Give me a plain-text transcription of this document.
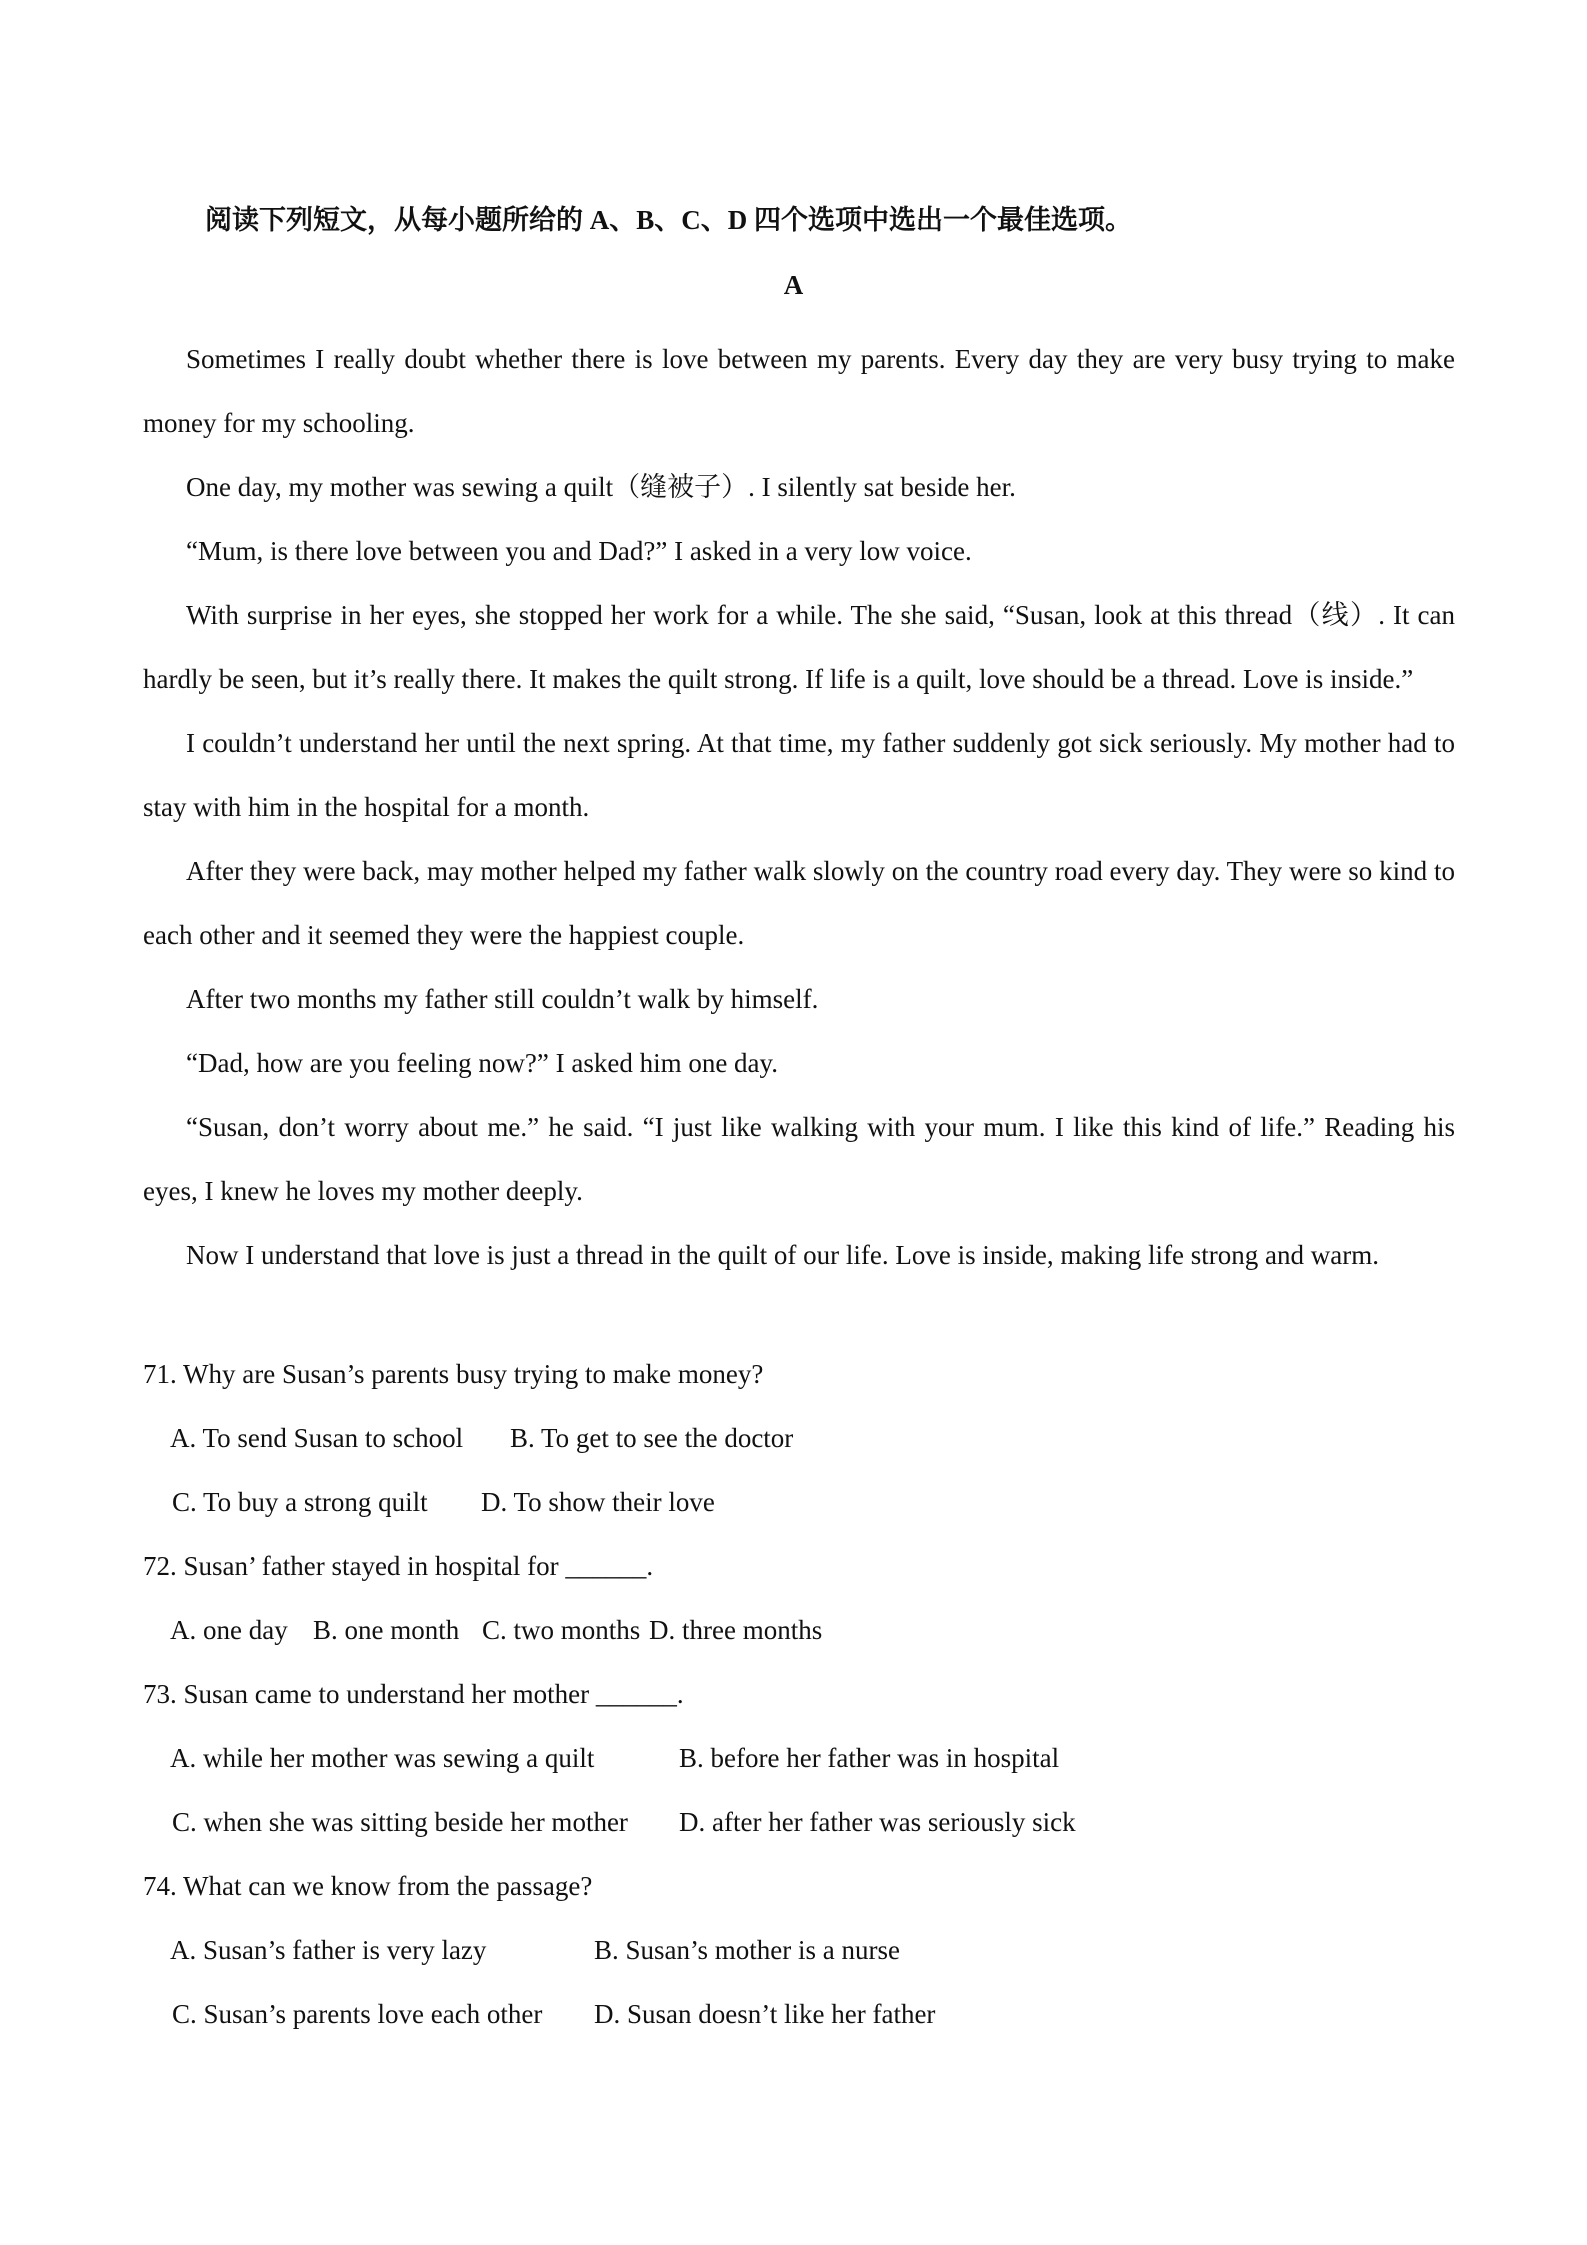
阅读下列短文，从每小题所给的 A、B、C、D 四个选项中选出一个最佳选项。
A

Sometimes I really doubt whether there is love between my parents. Every day they are very busy trying to make money for my schooling.

One day, my mother was sewing a quilt（缝被子）. I silently sat beside her.

“Mum, is there love between you and Dad?” I asked in a very low voice.

With surprise in her eyes, she stopped her work for a while. The she said, “Susan, look at this thread（线）. It can hardly be seen, but it’s really there. It makes the quilt strong. If life is a quilt, love should be a thread. Love is inside.”

I couldn’t understand her until the next spring. At that time, my father suddenly got sick seriously. My mother had to stay with him in the hospital for a month.

After they were back, may mother helped my father walk slowly on the country road every day. They were so kind to each other and it seemed they were the happiest couple.

After two months my father still couldn’t walk by himself.

“Dad, how are you feeling now?” I asked him one day.

“Susan, don’t worry about me.” he said. “I just like walking with your mum. I like this kind of life.” Reading his eyes, I knew he loves my mother deeply.

Now I understand that love is just a thread in the quilt of our life. Love is inside, making life strong and warm.

71. Why are Susan’s parents busy trying to make money?
A. To send Susan to school B. To get to see the doctor
C. To buy a strong quilt D. To show their love
72. Susan’ father stayed in hospital for ______.
A. one day B. one month C. two months D. three months
73. Susan came to understand her mother ______.
A. while her mother was sewing a quilt	B. before her father was in hospital
C. when she was sitting beside her mother D. after her father was seriously sick
74. What can we know from the passage?
A. Susan’s father is very lazy	B. Susan’s mother is a nurse
C. Susan’s parents love each other D. Susan doesn’t like her father
